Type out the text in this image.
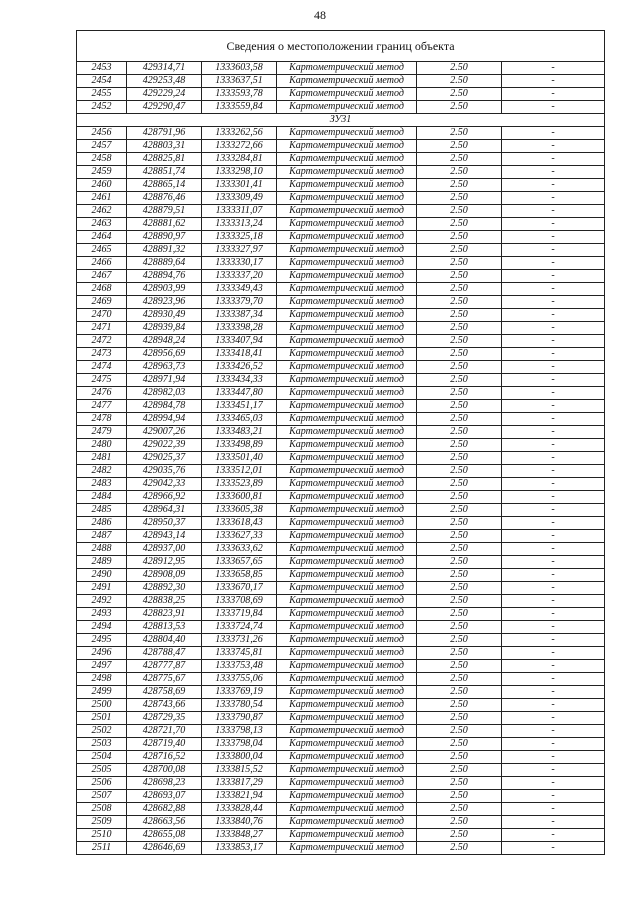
48
Сведения о местоположении границ объекта					
2453	429314,71	1333603,58	Картометрический метод	2.50	-
2454	429253,48	1333637,51	Картометрический метод	2.50	-
2455	429229,24	1333593,78	Картометрический метод	2.50	-
2452	429290,47	1333559,84	Картометрический метод	2.50	-
ЗУ31					
2456	428791,96	1333262,56	Картометрический метод	2.50	-
2457	428803,31	1333272,66	Картометрический метод	2.50	-
2458	428825,81	1333284,81	Картометрический метод	2.50	-
2459	428851,74	1333298,10	Картометрический метод	2.50	-
2460	428865,14	1333301,41	Картометрический метод	2.50	-
2461	428876,46	1333309,49	Картометрический метод	2.50	-
2462	428879,51	1333311,07	Картометрический метод	2.50	-
2463	428881,62	1333313,24	Картометрический метод	2.50	-
2464	428890,97	1333325,18	Картометрический метод	2.50	-
2465	428891,32	1333327,97	Картометрический метод	2.50	-
2466	428889,64	1333330,17	Картометрический метод	2.50	-
2467	428894,76	1333337,20	Картометрический метод	2.50	-
2468	428903,99	1333349,43	Картометрический метод	2.50	-
2469	428923,96	1333379,70	Картометрический метод	2.50	-
2470	428930,49	1333387,34	Картометрический метод	2.50	-
2471	428939,84	1333398,28	Картометрический метод	2.50	-
2472	428948,24	1333407,94	Картометрический метод	2.50	-
2473	428956,69	1333418,41	Картометрический метод	2.50	-
2474	428963,73	1333426,52	Картометрический метод	2.50	-
2475	428971,94	1333434,33	Картометрический метод	2.50	-
2476	428982,03	1333447,80	Картометрический метод	2.50	-
2477	428984,78	1333451,17	Картометрический метод	2.50	-
2478	428994,94	1333465,03	Картометрический метод	2.50	-
2479	429007,26	1333483,21	Картометрический метод	2.50	-
2480	429022,39	1333498,89	Картометрический метод	2.50	-
2481	429025,37	1333501,40	Картометрический метод	2.50	-
2482	429035,76	1333512,01	Картометрический метод	2.50	-
2483	429042,33	1333523,89	Картометрический метод	2.50	-
2484	428966,92	1333600,81	Картометрический метод	2.50	-
2485	428964,31	1333605,38	Картометрический метод	2.50	-
2486	428950,37	1333618,43	Картометрический метод	2.50	-
2487	428943,14	1333627,33	Картометрический метод	2.50	-
2488	428937,00	1333633,62	Картометрический метод	2.50	-
2489	428912,95	1333657,65	Картометрический метод	2.50	-
2490	428908,09	1333658,85	Картометрический метод	2.50	-
2491	428892,30	1333670,17	Картометрический метод	2.50	-
2492	428838,25	1333708,69	Картометрический метод	2.50	-
2493	428823,91	1333719,84	Картометрический метод	2.50	-
2494	428813,53	1333724,74	Картометрический метод	2.50	-
2495	428804,40	1333731,26	Картометрический метод	2.50	-
2496	428788,47	1333745,81	Картометрический метод	2.50	-
2497	428777,87	1333753,48	Картометрический метод	2.50	-
2498	428775,67	1333755,06	Картометрический метод	2.50	-
2499	428758,69	1333769,19	Картометрический метод	2.50	-
2500	428743,66	1333780,54	Картометрический метод	2.50	-
2501	428729,35	1333790,87	Картометрический метод	2.50	-
2502	428721,70	1333798,13	Картометрический метод	2.50	-
2503	428719,40	1333798,04	Картометрический метод	2.50	-
2504	428716,52	1333800,04	Картометрический метод	2.50	-
2505	428700,08	1333815,52	Картометрический метод	2.50	-
2506	428698,23	1333817,29	Картометрический метод	2.50	-
2507	428693,07	1333821,94	Картометрический метод	2.50	-
2508	428682,88	1333828,44	Картометрический метод	2.50	-
2509	428663,56	1333840,76	Картометрический метод	2.50	-
2510	428655,08	1333848,27	Картометрический метод	2.50	-
2511	428646,69	1333853,17	Картометрический метод	2.50	-
